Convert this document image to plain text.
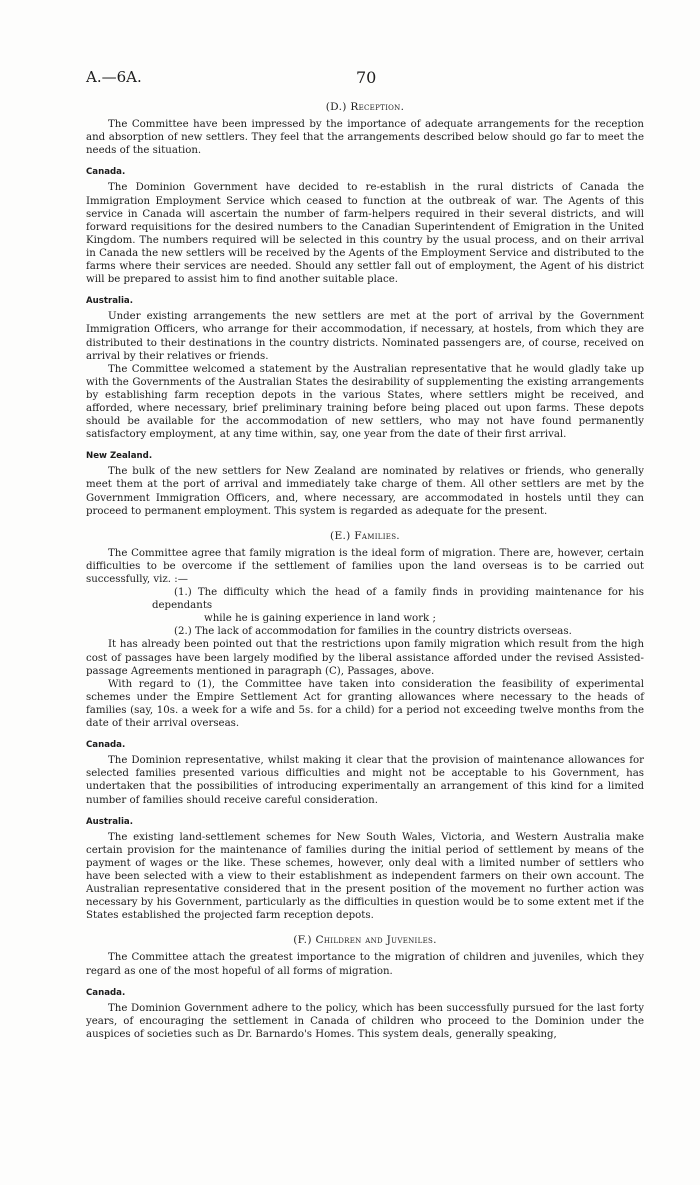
A.—6A.	70
(D.) Reception.

The Committee have been impressed by the importance of adequate arrangements for the reception and absorption of new settlers. They feel that the arrangements described below should go far to meet the needs of the situation.

Canada.

The Dominion Government have decided to re-establish in the rural districts of Canada the Immigration Employment Service which ceased to function at the outbreak of war. The Agents of this service in Canada will ascertain the number of farm-helpers required in their several districts, and will forward requisitions for the desired numbers to the Canadian Superintendent of Emigration in the United Kingdom. The numbers required will be selected in this country by the usual process, and on their arrival in Canada the new settlers will be received by the Agents of the Employment Service and distributed to the farms where their services are needed. Should any settler fall out of employment, the Agent of his district will be prepared to assist him to find another suitable place.

Australia.

Under existing arrangements the new settlers are met at the port of arrival by the Government Immigration Officers, who arrange for their accommodation, if necessary, at hostels, from which they are distributed to their destinations in the country districts. Nominated passengers are, of course, received on arrival by their relatives or friends.

The Committee welcomed a statement by the Australian representative that he would gladly take up with the Governments of the Australian States the desirability of supplementing the existing arrangements by establishing farm reception depots in the various States, where settlers might be received, and afforded, where necessary, brief preliminary training before being placed out upon farms. These depots should be available for the accommodation of new settlers, who may not have found permanently satisfactory employment, at any time within, say, one year from the date of their first arrival.

New Zealand.

The bulk of the new settlers for New Zealand are nominated by relatives or friends, who generally meet them at the port of arrival and immediately take charge of them. All other settlers are met by the Government Immigration Officers, and, where necessary, are accommodated in hostels until they can proceed to permanent employment. This system is regarded as adequate for the present.

(E.) Families.

The Committee agree that family migration is the ideal form of migration. There are, however, certain difficulties to be overcome if the settlement of families upon the land overseas is to be carried out successfully, viz. :—

(1.) The difficulty which the head of a family finds in providing maintenance for his dependants

while he is gaining experience in land work ;

(2.) The lack of accommodation for families in the country districts overseas.

It has already been pointed out that the restrictions upon family migration which result from the high cost of passages have been largely modified by the liberal assistance afforded under the revised Assisted-passage Agreements mentioned in paragraph (C), Passages, above.

With regard to (1), the Committee have taken into consideration the feasibility of experimental schemes under the Empire Settlement Act for granting allowances where necessary to the heads of families (say, 10s. a week for a wife and 5s. for a child) for a period not exceeding twelve months from the date of their arrival overseas.

Canada.

The Dominion representative, whilst making it clear that the provision of maintenance allowances for selected families presented various difficulties and might not be acceptable to his Government, has undertaken that the possibilities of introducing experimentally an arrangement of this kind for a limited number of families should receive careful consideration.

Australia.

The existing land-settlement schemes for New South Wales, Victoria, and Western Australia make certain provision for the maintenance of families during the initial period of settlement by means of the payment of wages or the like. These schemes, however, only deal with a limited number of settlers who have been selected with a view to their establishment as independent farmers on their own account. The Australian representative considered that in the present position of the movement no further action was necessary by his Government, particularly as the difficulties in question would be to some extent met if the States established the projected farm reception depots.

(F.) Children and Juveniles.

The Committee attach the greatest importance to the migration of children and juveniles, which they regard as one of the most hopeful of all forms of migration.

Canada.

The Dominion Government adhere to the policy, which has been successfully pursued for the last forty years, of encouraging the settlement in Canada of children who proceed to the Dominion under the auspices of societies such as Dr. Barnardo's Homes. This system deals, generally speaking,
